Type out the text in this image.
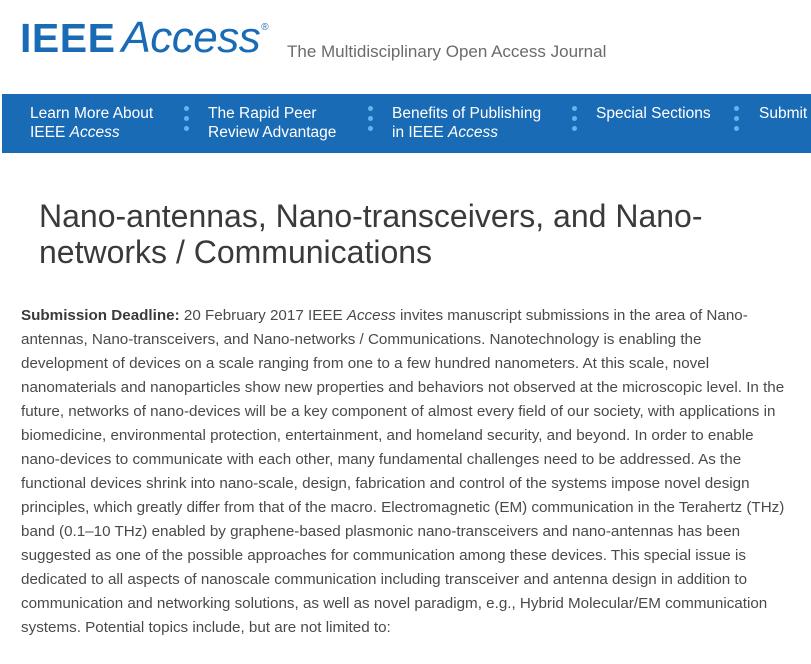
IEEE Access ®
The Multidisciplinary Open Access Journal
Learn More About
IEEE Access
The Rapid Peer
Review Advantage
Benefits of Publishing
in IEEE Access
Special Sections	Submit
Nano-antennas, Nano-transceivers, and Nano-networks / Communications

Submission Deadline: 20 February 2017 IEEE Access invites manuscript submissions in the area of Nano-antennas, Nano-transceivers, and Nano-networks / Communications. Nanotechnology is enabling the development of devices on a scale ranging from one to a few hundred nanometers. At this scale, novel nanomaterials and nanoparticles show new properties and behaviors not observed at the microscopic level. In the future, networks of nano-devices will be a key component of almost every field of our society, with applications in biomedicine, environmental protection, entertainment, and homeland security, and beyond. In order to enable nano-devices to communicate with each other, many fundamental challenges need to be addressed. As the functional devices shrink into nano-scale, design, fabrication and control of the systems impose novel design principles, which greatly differ from that of the macro. Electromagnetic (EM) communication in the Terahertz (THz) band (0.1–10 THz) enabled by graphene-based plasmonic nano-transceivers and nano-antennas has been suggested as one of the possible approaches for communication among these devices. This special issue is dedicated to all aspects of nanoscale communication including transceiver and antenna design in addition to communication and networking solutions, as well as novel paradigm, e.g., Hybrid Molecular/EM communication systems. Potential topics include, but are not limited to:
